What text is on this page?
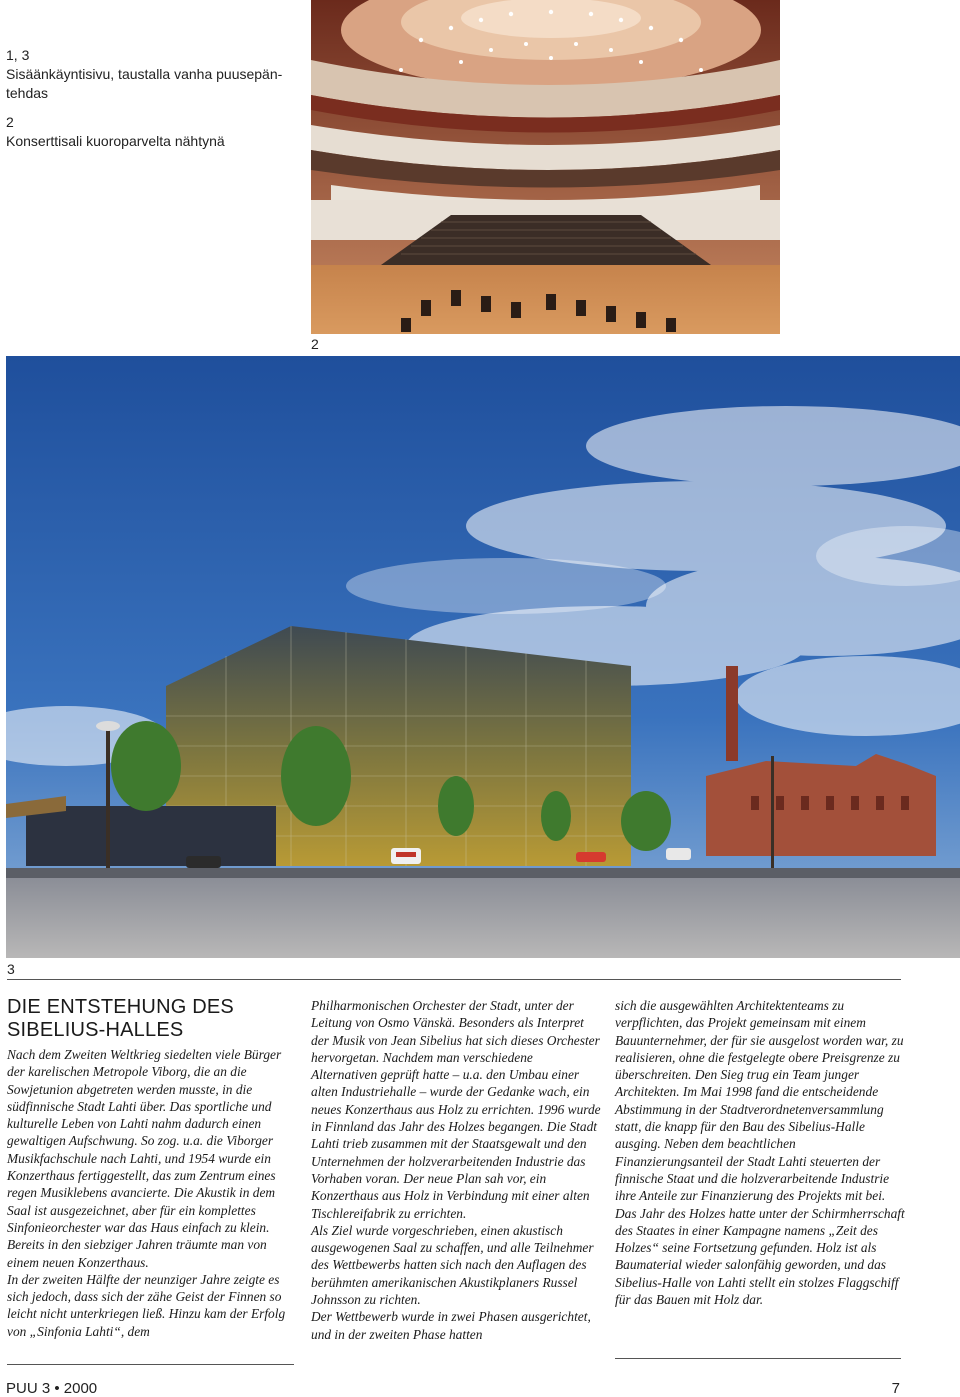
1, 3
Sisäänkäyntisivu, taustalla vanha puusepän-tehdas

2
Konserttisali kuoroparvelta nähtynä

2
3
DIE ENTSTEHUNG DES SIBELIUS-HALLES

Nach dem Zweiten Weltkrieg siedelten viele Bürger der karelischen Metropole Viborg, die an die Sowjetunion abgetreten werden musste, in die südfinnische Stadt Lahti über. Das sportliche und kulturelle Leben von Lahti nahm dadurch einen gewaltigen Aufschwung. So zog. u.a. die Viborger Musikfachschule nach Lahti, und 1954 wurde ein Konzerthaus fertiggestellt, das zum Zentrum eines regen Musiklebens avancierte. Die Akustik in dem Saal ist ausgezeichnet, aber für ein komplettes Sinfonieorchester war das Haus einfach zu klein. Bereits in den siebziger Jahren träumte man von einem neuen Konzerthaus.

In der zweiten Hälfte der neunziger Jahre zeigte es sich jedoch, dass sich der zähe Geist der Finnen so leicht nicht unterkriegen ließ. Hinzu kam der Erfolg von „Sinfonia Lahti“, dem

Philharmonischen Orchester der Stadt, unter der Leitung von Osmo Vänskä. Besonders als Interpret der Musik von Jean Sibelius hat sich dieses Orchester hervorgetan. Nachdem man verschiedene Alternativen geprüft hatte – u.a. den Umbau einer alten Industriehalle – wurde der Gedanke wach, ein neues Konzerthaus aus Holz zu errichten. 1996 wurde in Finnland das Jahr des Holzes begangen. Die Stadt Lahti trieb zusammen mit der Staatsgewalt und den Unternehmen der holzverarbeitenden Industrie das Vorhaben voran. Der neue Plan sah vor, ein Konzerthaus aus Holz in Verbindung mit einer alten Tischlereifabrik zu errichten.

Als Ziel wurde vorgeschrieben, einen akustisch ausgewogenen Saal zu schaffen, und alle Teilnehmer des Wettbewerbs hatten sich nach den Auflagen des berühmten amerikanischen Akustikplaners Russel Johnsson zu richten.

Der Wettbewerb wurde in zwei Phasen ausgerichtet, und in der zweiten Phase hatten

sich die ausgewählten Architektenteams zu verpflichten, das Projekt gemeinsam mit einem Bauunternehmer, der für sie ausgelost worden war, zu realisieren, ohne die festgelegte obere Preisgrenze zu überschreiten. Den Sieg trug ein Team junger Architekten. Im Mai 1998 fand die entscheidende Abstimmung in der Stadtverordnetenversammlung statt, die knapp für den Bau des Sibelius-Halle ausging. Neben dem beachtlichen Finanzierungsanteil der Stadt Lahti steuerten der finnische Staat und die holzverarbeitende Industrie ihre Anteile zur Finanzierung des Projekts mit bei.

Das Jahr des Holzes hatte unter der Schirmherrschaft des Staates in einer Kampagne namens „Zeit des Holzes“ seine Fortsetzung gefunden. Holz ist als Baumaterial wieder salonfähig geworden, und das Sibelius-Halle von Lahti stellt ein stolzes Flaggschiff für das Bauen mit Holz dar.

PUU 3 • 2000	7
